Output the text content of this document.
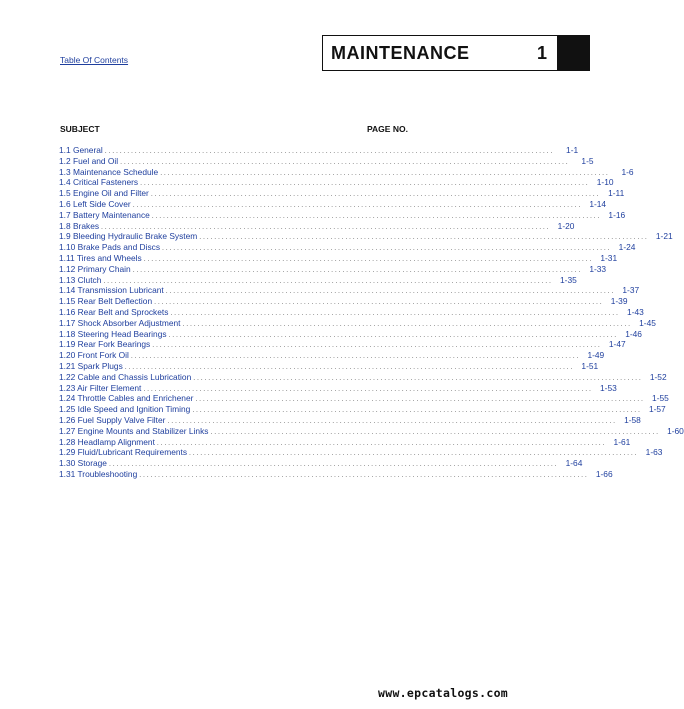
Table Of Contents	MAINTENANCE	1
SUBJECT	PAGE NO.
1.1 General ........................................................................................................................	1-1
1.2 Fuel and Oil ........................................................................................................................	1-5
1.3 Maintenance Schedule ........................................................................................................................	1-6
1.4 Critical Fasteners ........................................................................................................................ 1-10
1.5 Engine Oil and Filter ........................................................................................................................ 1-11
1.6 Left Side Cover ........................................................................................................................ 1-14
1.7 Battery Maintenance ........................................................................................................................ 1-16
1.8 Brakes ........................................................................................................................ 1-20
1.9 Bleeding Hydraulic Brake System ........................................................................................................................ 1-21
1.10 Brake Pads and Discs ........................................................................................................................ 1-24
1.11 Tires and Wheels ........................................................................................................................ 1-31
1.12 Primary Chain ........................................................................................................................ 1-33
1.13 Clutch ........................................................................................................................ 1-35
1.14 Transmission Lubricant ........................................................................................................................ 1-37
1.15 Rear Belt Deflection ........................................................................................................................ 1-39
1.16 Rear Belt and Sprockets ........................................................................................................................ 1-43
1.17 Shock Absorber Adjustment ........................................................................................................................ 1-45
1.18 Steering Head Bearings ........................................................................................................................ 1-46
1.19 Rear Fork Bearings ........................................................................................................................ 1-47
1.20 Front Fork Oil ........................................................................................................................ 1-49
1.21 Spark Plugs ........................................................................................................................ 1-51
1.22 Cable and Chassis Lubrication ........................................................................................................................ 1-52
1.23 Air Filter Element ........................................................................................................................ 1-53
1.24 Throttle Cables and Enrichener ........................................................................................................................ 1-55
1.25 Idle Speed and Ignition Timing ........................................................................................................................ 1-57
1.26 Fuel Supply Valve Filter ........................................................................................................................ 1-58
1.27 Engine Mounts and Stabilizer Links ........................................................................................................................ 1-60
1.28 Headlamp Alignment ........................................................................................................................ 1-61
1.29 Fluid/Lubricant Requirements ........................................................................................................................ 1-63
1.30 Storage ........................................................................................................................ 1-64
1.31 Troubleshooting ........................................................................................................................ 1-66
www.epcatalogs.com
